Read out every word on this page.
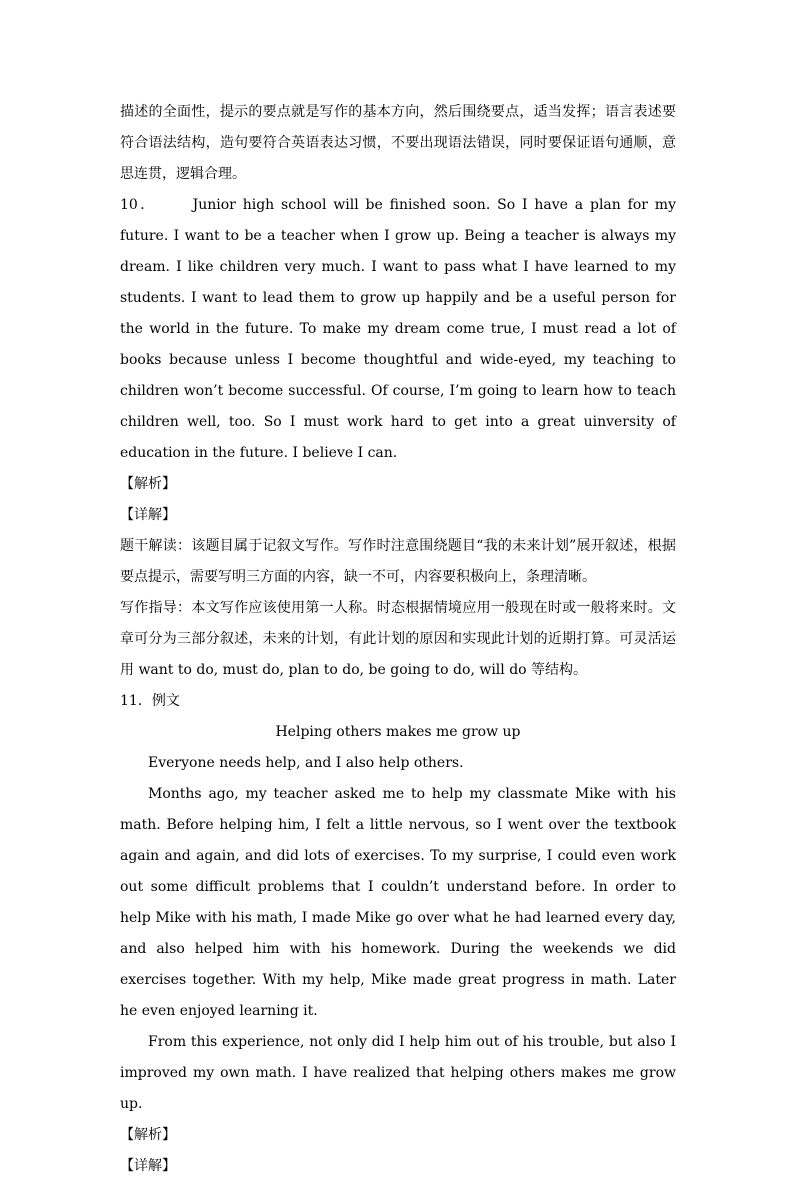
描述的全面性，提示的要点就是写作的基本方向，然后围绕要点，适当发挥；语言表述要符合语法结构，造句要符合英语表达习惯，不要出现语法错误，同时要保证语句通顺，意思连贯，逻辑合理。

10．	Junior high school will be finished soon. So I have a plan for my future. I want to be a teacher when I grow up. Being a teacher is always my dream. I like children very much. I want to pass what I have learned to my students. I want to lead them to grow up happily and be a useful person for the world in the future. To make my dream come true, I must read a lot of books because unless I become thoughtful and wide-eyed, my teaching to children won’t become successful. Of course, I’m going to learn how to teach children well, too. So I must work hard to get into a great uinversity of education in the future. I believe I can.

【解析】

【详解】

题干解读：该题目属于记叙文写作。写作时注意围绕题目“我的未来计划”展开叙述，根据要点提示，需要写明三方面的内容，缺一不可，内容要积极向上，条理清晰。

写作指导：本文写作应该使用第一人称。时态根据情境应用一般现在时或一般将来时。文章可分为三部分叙述，未来的计划，有此计划的原因和实现此计划的近期打算。可灵活运用 want to do, must do, plan to do, be going to do, will do 等结构。

11．例文

Helping others makes me grow up

Everyone needs help, and I also help others.

Months ago, my teacher asked me to help my classmate Mike with his math. Before helping him, I felt a little nervous, so I went over the textbook again and again, and did lots of exercises. To my surprise, I could even work out some difficult problems that I couldn’t understand before. In order to help Mike with his math, I made Mike go over what he had learned every day, and also helped him with his homework. During the weekends we did exercises together. With my help, Mike made great progress in math. Later he even enjoyed learning it.

From this experience, not only did I help him out of his trouble, but also I improved my own math. I have realized that helping others makes me grow up.

【解析】

【详解】
